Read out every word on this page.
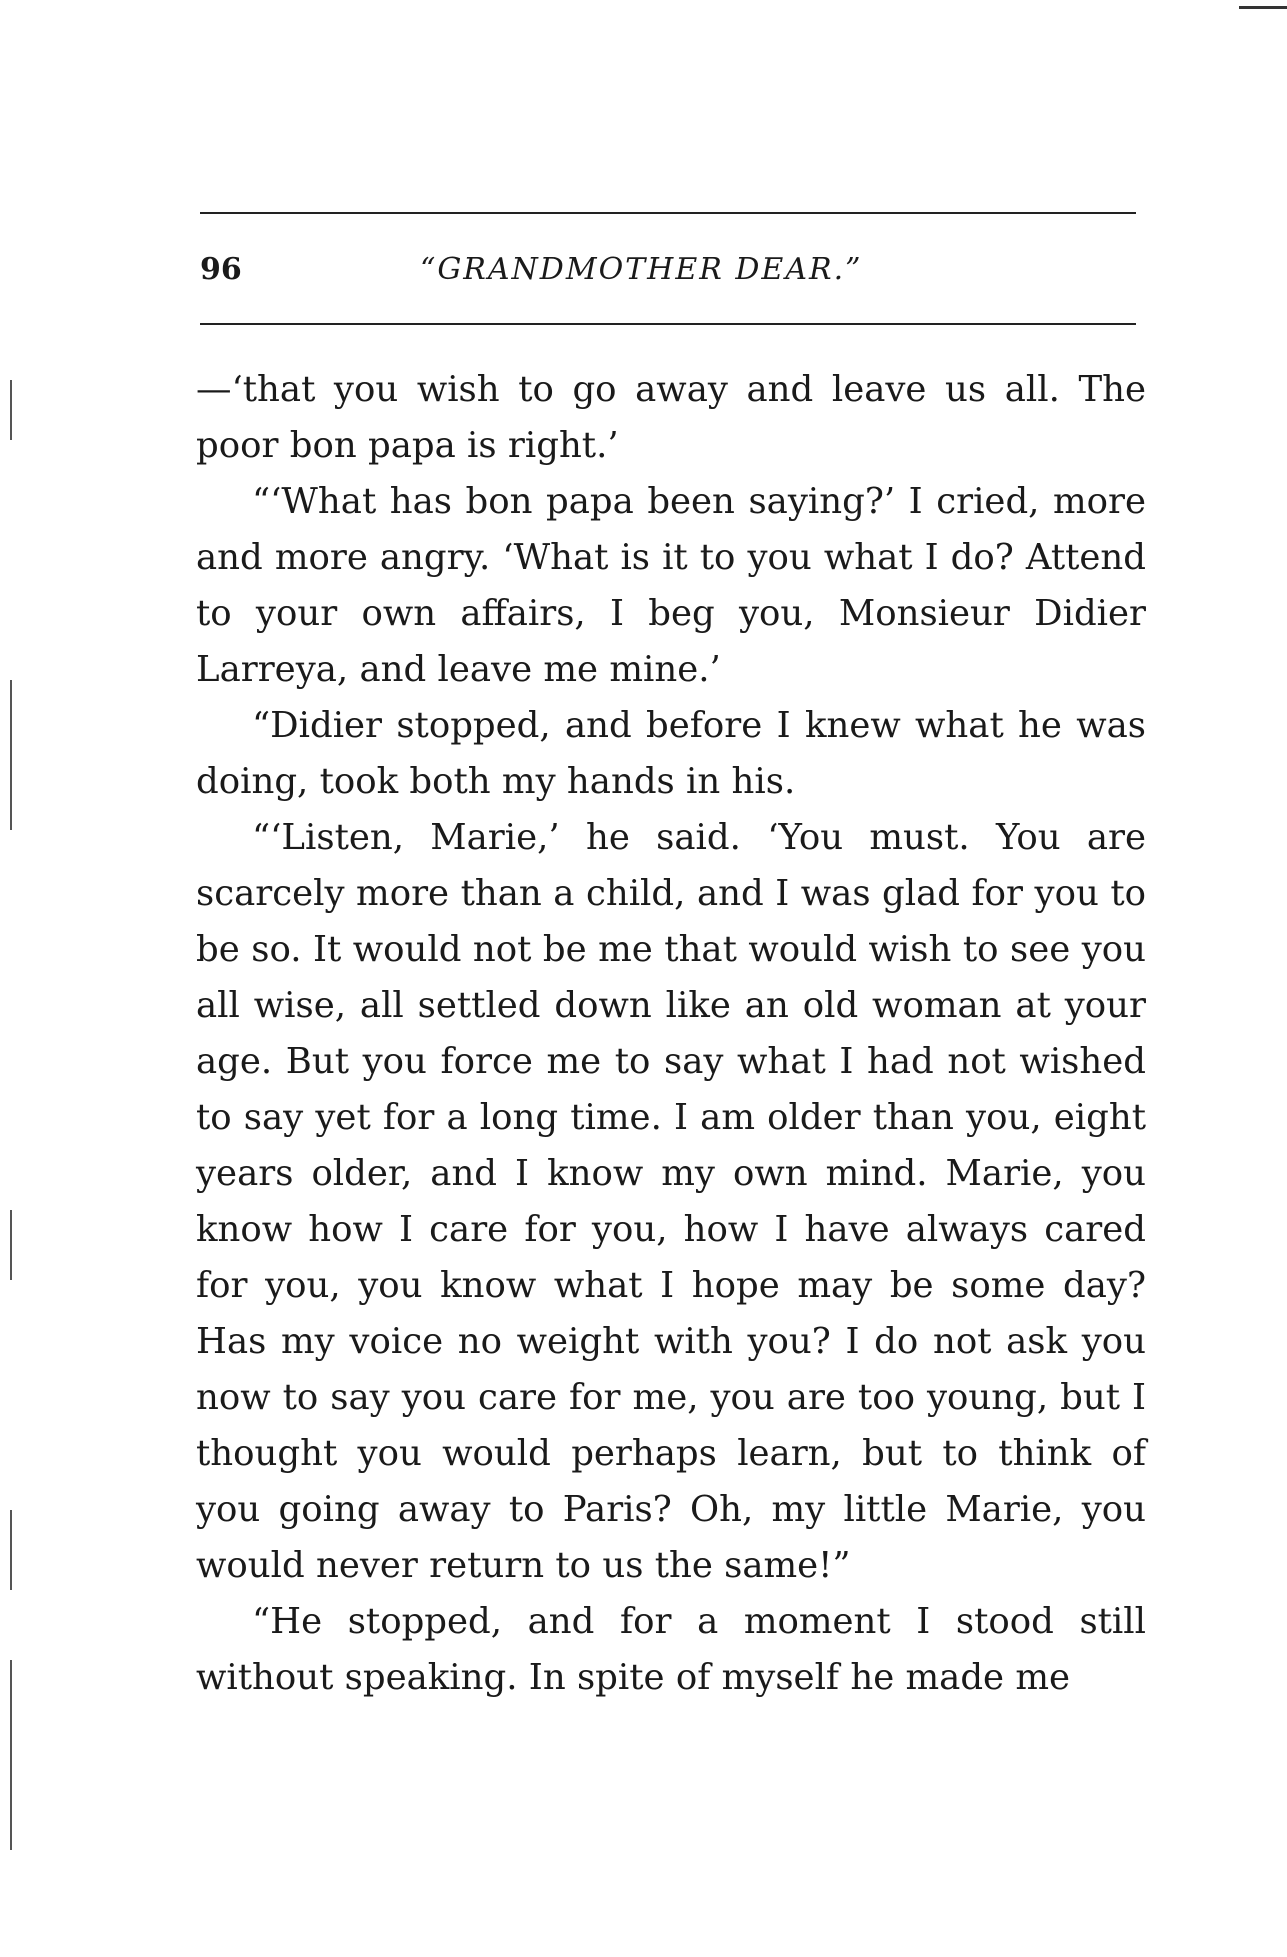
96	“GRANDMOTHER DEAR.”

—‘that you wish to go away and leave us all. The poor bon papa is right.’

“‘What has bon papa been saying?’ I cried, more and more angry. ‘What is it to you what I do? Attend to your own affairs, I beg you, Monsieur Didier Larreya, and leave me mine.’

“Didier stopped, and before I knew what he was doing, took both my hands in his.

“‘Listen, Marie,’ he said. ‘You must. You are scarcely more than a child, and I was glad for you to be so. It would not be me that would wish to see you all wise, all settled down like an old woman at your age. But you force me to say what I had not wished to say yet for a long time. I am older than you, eight years older, and I know my own mind. Marie, you know how I care for you, how I have always cared for you, you know what I hope may be some day? Has my voice no weight with you? I do not ask you now to say you care for me, you are too young, but I thought you would perhaps learn, but to think of you going away to Paris? Oh, my little Marie, you would never return to us the same!”

“He stopped, and for a moment I stood still without speaking. In spite of myself he made me
